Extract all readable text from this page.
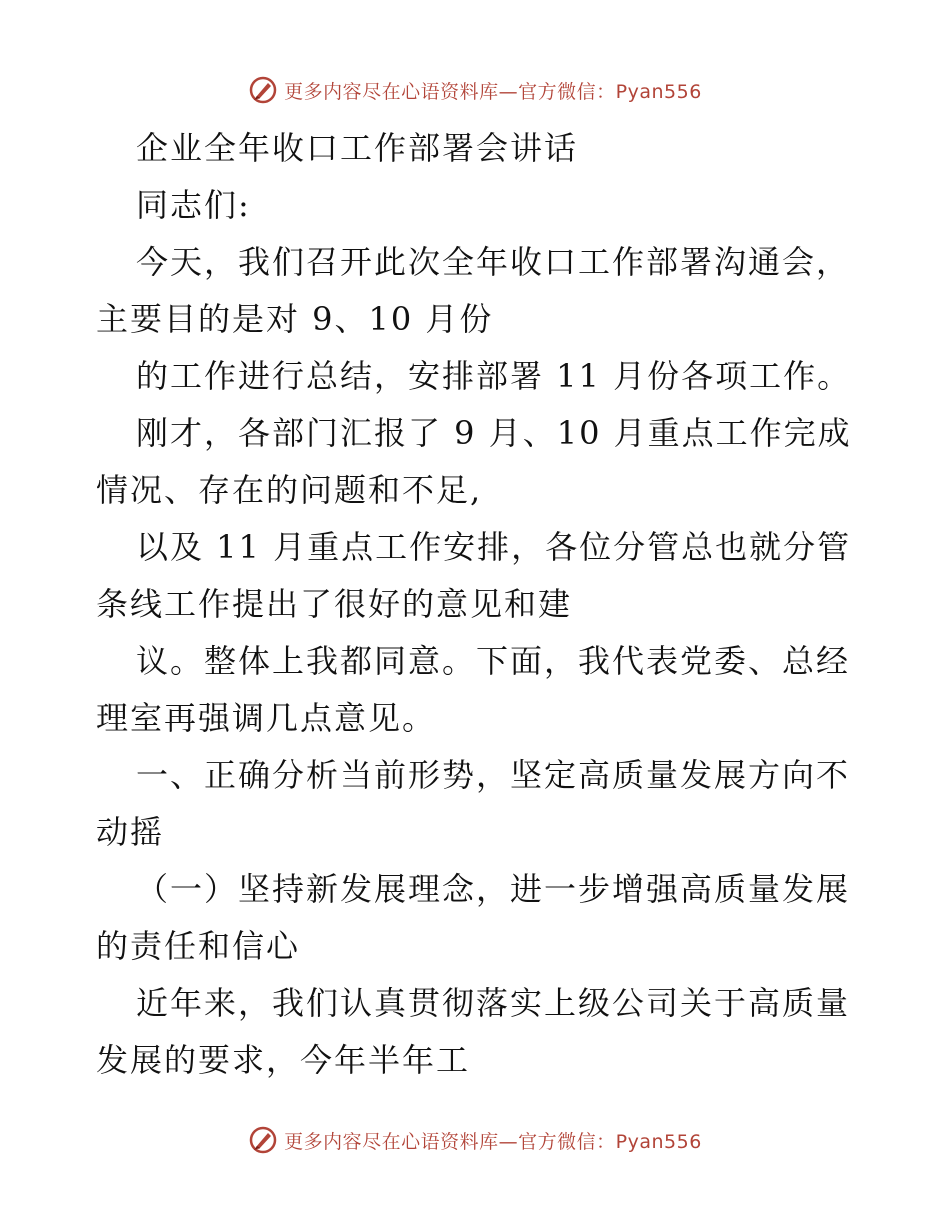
更多内容尽在心语资料库—官方微信：Pyan556
企业全年收口工作部署会讲话
同志们:
今天，我们召开此次全年收口工作部署沟通会，
主要目的是对 9、10 月份
的工作进行总结，安排部署 11 月份各项工作。
刚才，各部门汇报了 9 月、10 月重点工作完成
情况、存在的问题和不足,
以及 11 月重点工作安排，各位分管总也就分管
条线工作提出了很好的意见和建
议。整体上我都同意。下面，我代表党委、总经
理室再强调几点意见。
一、正确分析当前形势，坚定高质量发展方向不
动摇
（一）坚持新发展理念，进一步增强高质量发展
的责任和信心
近年来，我们认真贯彻落实上级公司关于高质量
发展的要求，今年半年工
更多内容尽在心语资料库—官方微信：Pyan556
